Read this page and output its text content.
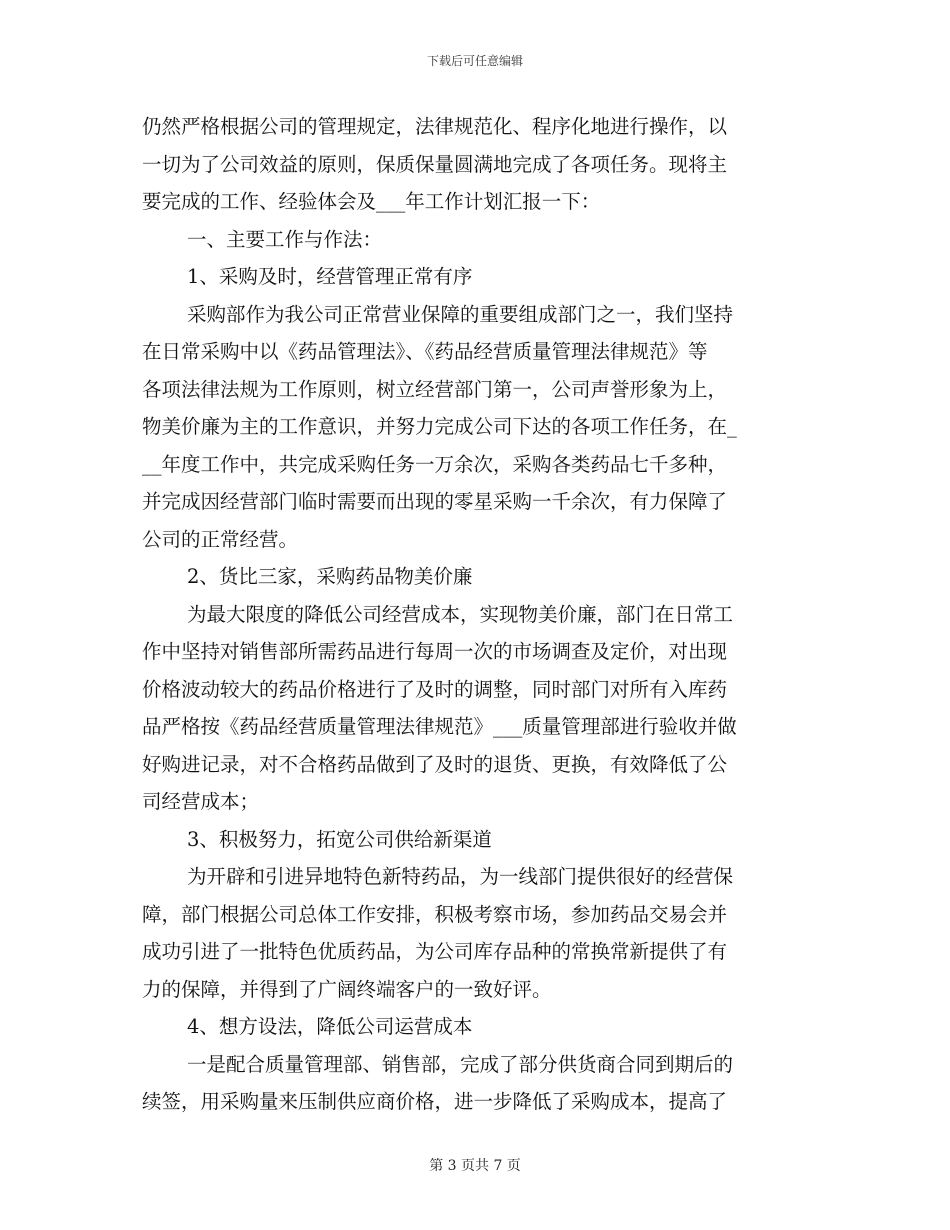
下载后可任意编辑
仍然严格根据公司的管理规定，法律规范化、程序化地进行操作，以
一切为了公司效益的原则，保质保量圆满地完成了各项任务。现将主
要完成的工作、经验体会及___年工作计划汇报一下：
一、主要工作与作法：
1、采购及时，经营管理正常有序
采购部作为我公司正常营业保障的重要组成部门之一，我们坚持
在日常采购中以《药品管理法》、《药品经营质量管理法律规范》等
各项法律法规为工作原则，树立经营部门第一，公司声誉形象为上，
物美价廉为主的工作意识，并努力完成公司下达的各项工作任务，在_
__年度工作中，共完成采购任务一万余次，采购各类药品七千多种，
并完成因经营部门临时需要而出现的零星采购一千余次，有力保障了
公司的正常经营。
2、货比三家，采购药品物美价廉
为最大限度的降低公司经营成本，实现物美价廉，部门在日常工
作中坚持对销售部所需药品进行每周一次的市场调查及定价，对出现
价格波动较大的药品价格进行了及时的调整，同时部门对所有入库药
品严格按《药品经营质量管理法律规范》___质量管理部进行验收并做
好购进记录，对不合格药品做到了及时的退货、更换，有效降低了公
司经营成本；
3、积极努力，拓宽公司供给新渠道
为开辟和引进异地特色新特药品，为一线部门提供很好的经营保
障，部门根据公司总体工作安排，积极考察市场，参加药品交易会并
成功引进了一批特色优质药品，为公司库存品种的常换常新提供了有
力的保障，并得到了广阔终端客户的一致好评。
4、想方设法，降低公司运营成本
一是配合质量管理部、销售部，完成了部分供货商合同到期后的
续签，用采购量来压制供应商价格，进一步降低了采购成本，提高了
第 3 页共 7 页
